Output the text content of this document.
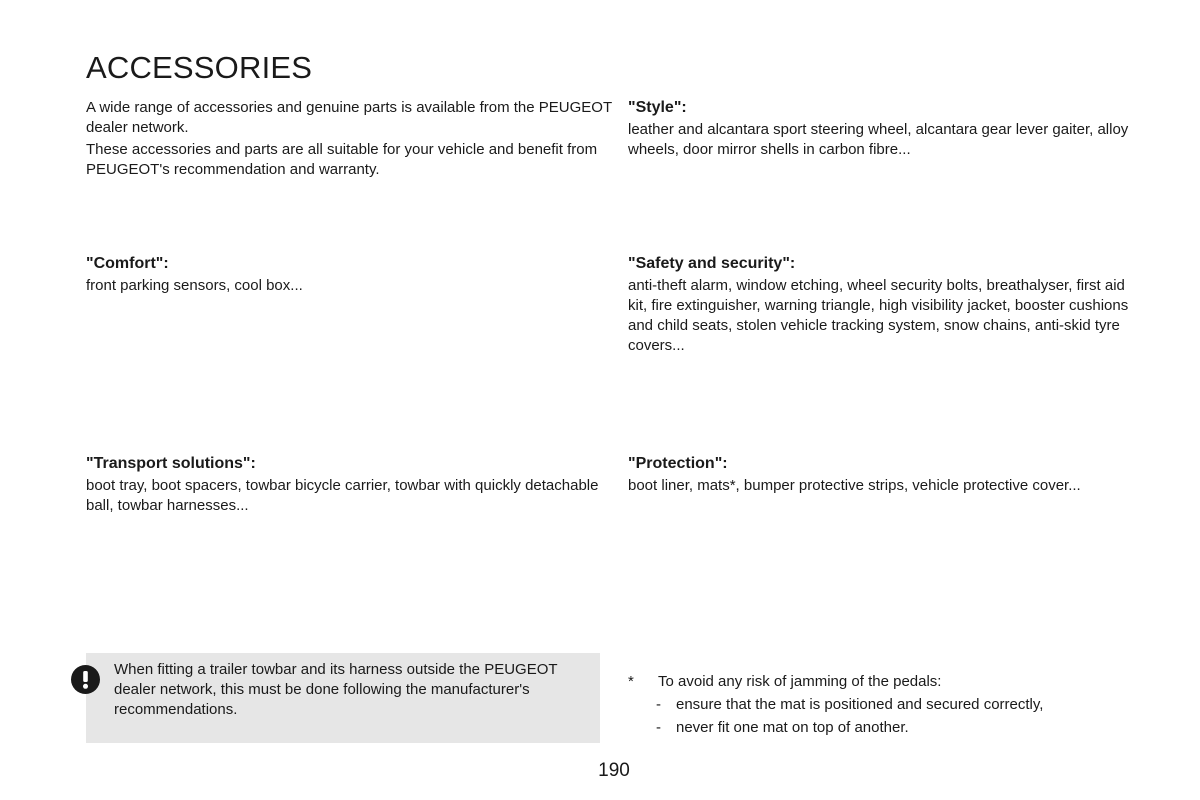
ACCESSORIES

A wide range of accessories and genuine parts is available from the PEUGEOT dealer network.

These accessories and parts are all suitable for your vehicle and benefit from PEUGEOT's recommendation and warranty.

"Style":

leather and alcantara sport steering wheel, alcantara gear lever gaiter, alloy wheels, door mirror shells in carbon fibre...

"Comfort":

front parking sensors, cool box...

"Safety and security":

anti-theft alarm, window etching, wheel security bolts, breathalyser, first aid kit, fire extinguisher, warning triangle, high visibility jacket, booster cushions and child seats, stolen vehicle tracking system, snow chains, anti-skid tyre covers...

"Transport solutions":

boot tray, boot spacers, towbar bicycle carrier, towbar with quickly detachable ball, towbar harnesses...

"Protection":

boot liner, mats*, bumper protective strips, vehicle protective cover...

When fitting a trailer towbar and its harness outside the PEUGEOT dealer network, this must be done following the manufacturer's recommendations.

* To avoid any risk of jamming of the pedals:
- ensure that the mat is positioned and secured correctly,
- never fit one mat on top of another.
190
